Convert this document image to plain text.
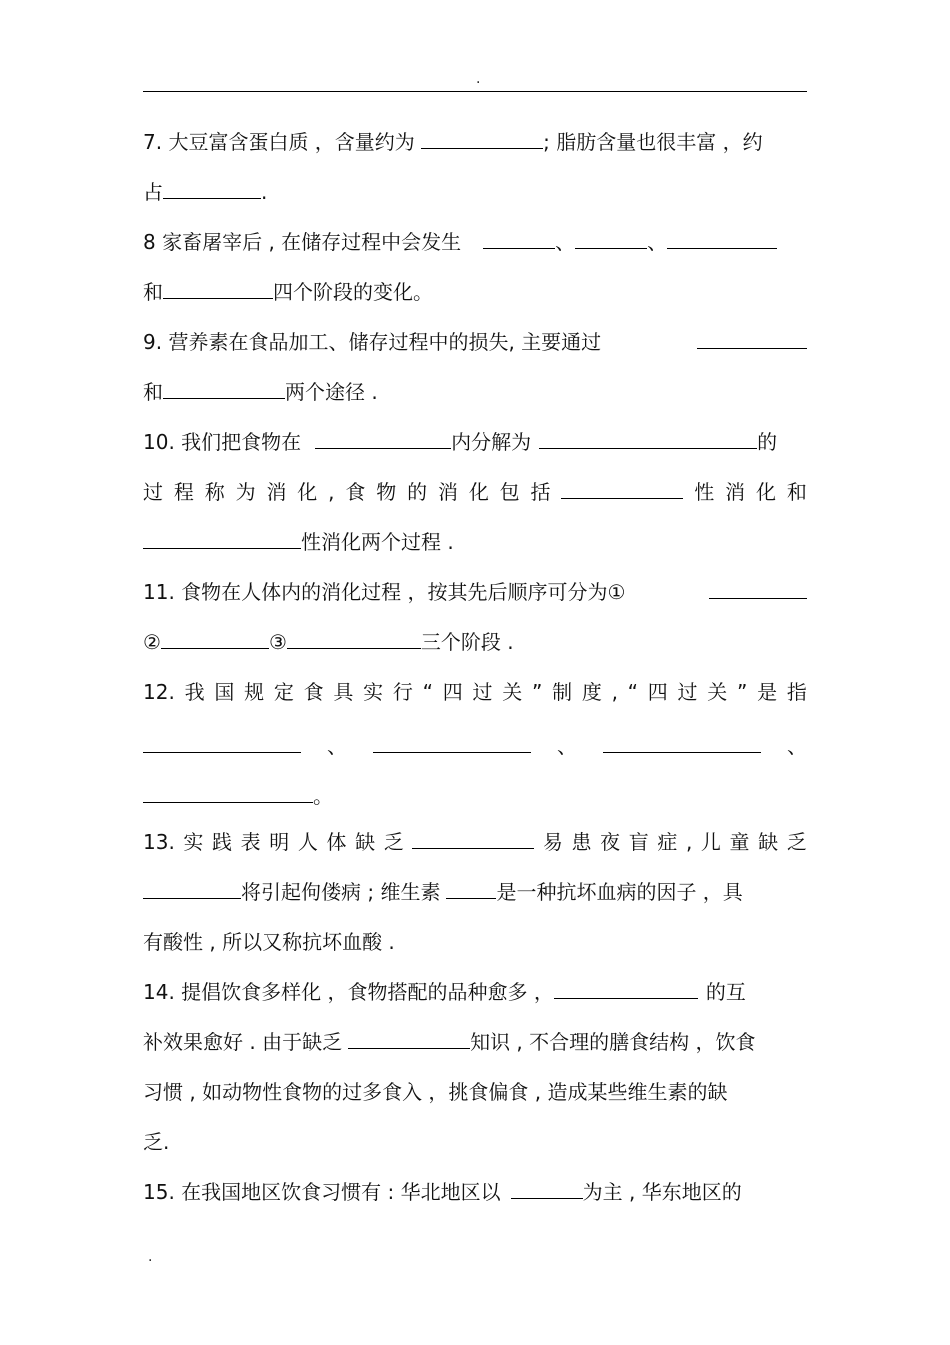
.
7. 大豆富含蛋白质 ，含量约为	; 脂肪含量也很丰富 ，约
占	.
8 家畜屠宰后 , 在储存过程中会发生	、	、
和	四个阶段的变化。
9. 营养素在食品加工、储存过程中的损失, 主要通过
和	两个途径 .
10. 我们把食物在	内分解为	的
过 程 称 为 消 化 , 食 物 的 消 化 包 括	性 消 化 和
性消化两个过程 .
11. 食物在人体内的消化过程 ，按其先后顺序可分为①
②	③	三个阶段 .
12. 我 国 规 定 食 具 实 行 “ 四 过 关 ” 制 度 , “ 四 过 关 ” 是 指
、	、	、
。
13. 实 践 表 明 人 体 缺 乏	易 患 夜 盲 症 , 儿 童 缺 乏
将引起佝偻病 ; 维生素	是一种抗坏血病的因子 ，具
有酸性 , 所以又称抗坏血酸 .
14. 提倡饮食多样化 ，食物搭配的品种愈多 ，	的互
补效果愈好 . 由于缺乏	知识 , 不合理的膳食结构 ，饮食
习惯 , 如动物性食物的过多食入 ，挑食偏食 , 造成某些维生素的缺
乏.
15. 在我国地区饮食习惯有 : 华北地区以	为主 , 华东地区的
.
